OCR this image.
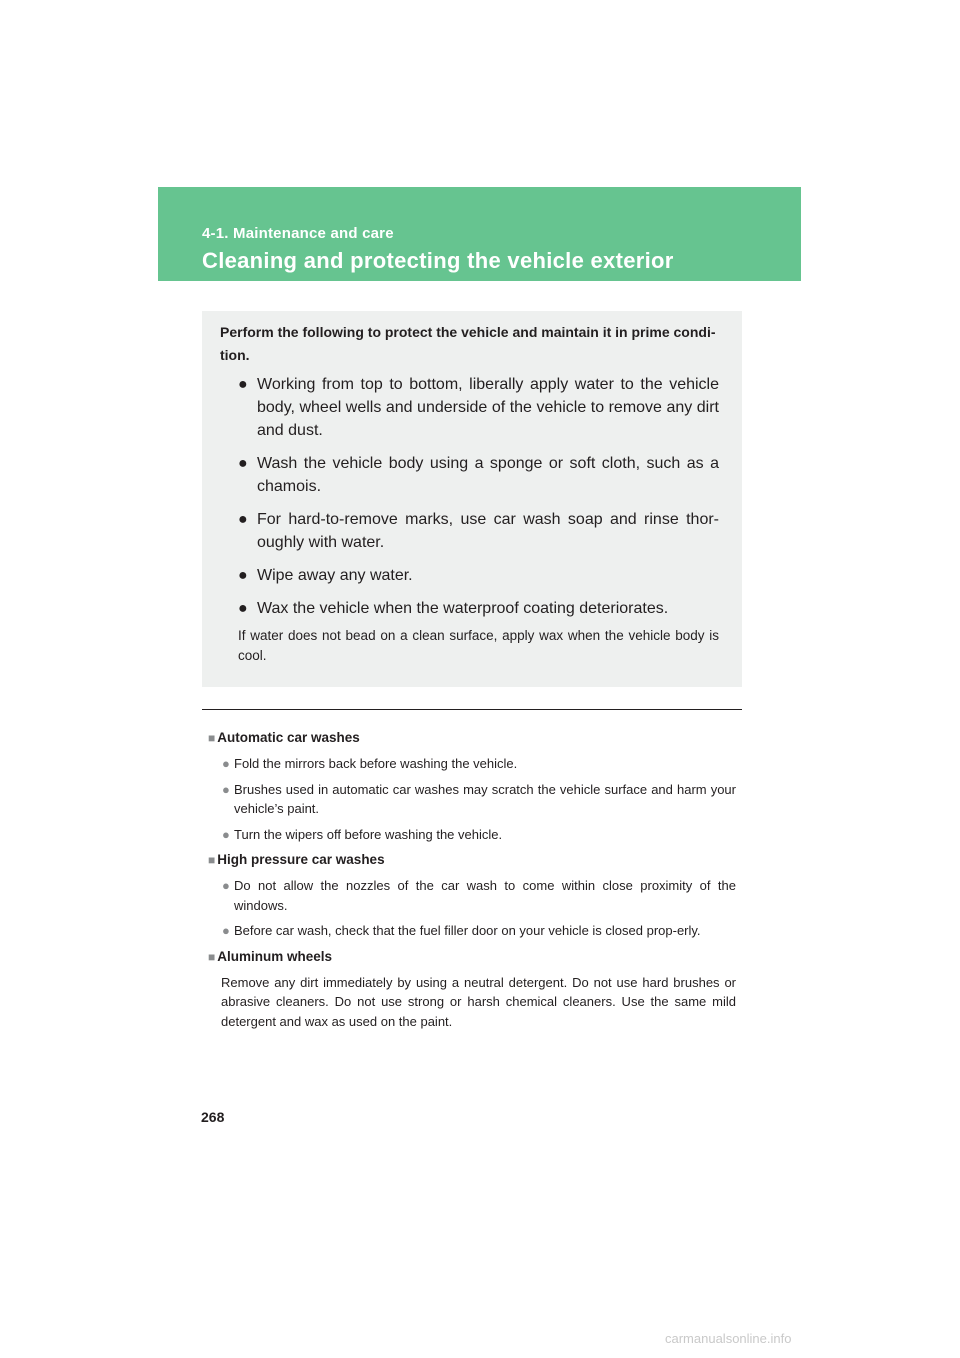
4-1. Maintenance and care
Cleaning and protecting the vehicle exterior
Perform the following to protect the vehicle and maintain it in prime condi-tion.
● Working from top to bottom, liberally apply water to the vehicle body, wheel wells and underside of the vehicle to remove any dirt and dust.
● Wash the vehicle body using a sponge or soft cloth, such as a chamois.
● For hard-to-remove marks, use car wash soap and rinse thor-oughly with water.
● Wipe away any water.
● Wax the vehicle when the waterproof coating deteriorates.
If water does not bead on a clean surface, apply wax when the vehicle body is cool.
■ Automatic car washes
● Fold the mirrors back before washing the vehicle.
● Brushes used in automatic car washes may scratch the vehicle surface and harm your vehicle’s paint.
● Turn the wipers off before washing the vehicle.
■ High pressure car washes
● Do not allow the nozzles of the car wash to come within close proximity of the windows.
● Before car wash, check that the fuel filler door on your vehicle is closed prop-erly.
■ Aluminum wheels
Remove any dirt immediately by using a neutral detergent. Do not use hard brushes or abrasive cleaners. Do not use strong or harsh chemical cleaners. Use the same mild detergent and wax as used on the paint.
268
carmanualsonline.info
